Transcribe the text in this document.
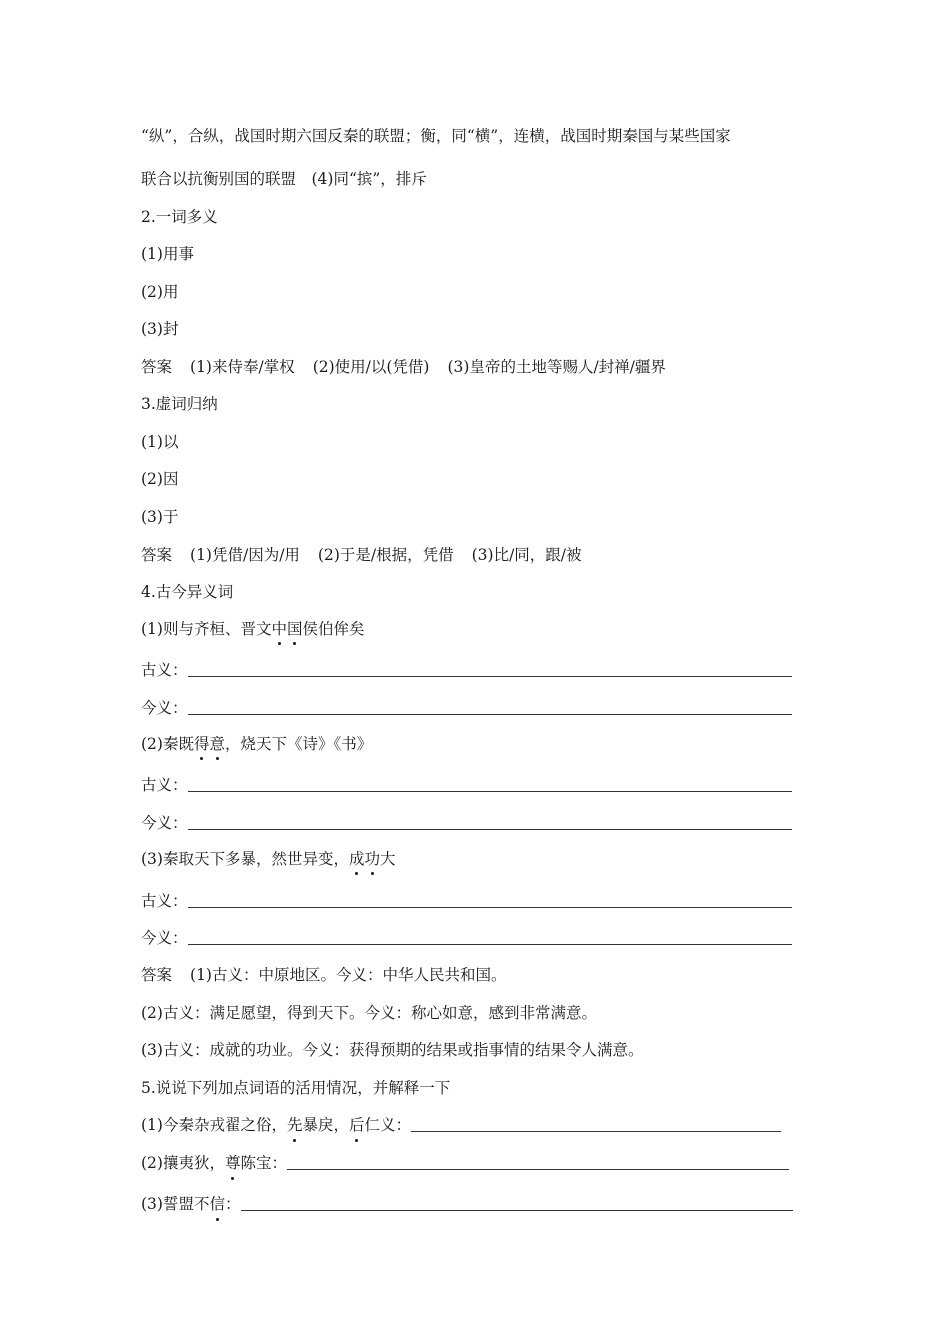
“纵”，合纵，战国时期六国反秦的联盟；衡，同“横”，连横，战国时期秦国与某些国家
联合以抗衡别国的联盟　(4)同“摈”，排斥
2.一词多义
(1)用事
(2)用
(3)封
答案 (1)来侍奉/掌权 (2)使用/以(凭借) (3)皇帝的土地等赐人/封禅/疆界
3.虚词归纳
(1)以
(2)因
(3)于
答案 (1)凭借/因为/用 (2)于是/根据，凭借 (3)比/同，跟/被
4.古今异义词
(1)则与齐桓、晋文中国侯伯侔矣
古义：
今义：
(2)秦既得意，烧天下《诗》《书》
古义：
今义：
(3)秦取天下多暴，然世异变，成功大
古义：
今义：
答案 (1)古义：中原地区。今义：中华人民共和国。
(2)古义：满足愿望，得到天下。今义：称心如意，感到非常满意。
(3)古义：成就的功业。今义：获得预期的结果或指事情的结果令人满意。
5.说说下列加点词语的活用情况，并解释一下
(1)今秦杂戎翟之俗， 先 暴戾， 后 仁义：
(2)攘夷狄， 尊 陈宝：
(3)誓盟不 信 ：
